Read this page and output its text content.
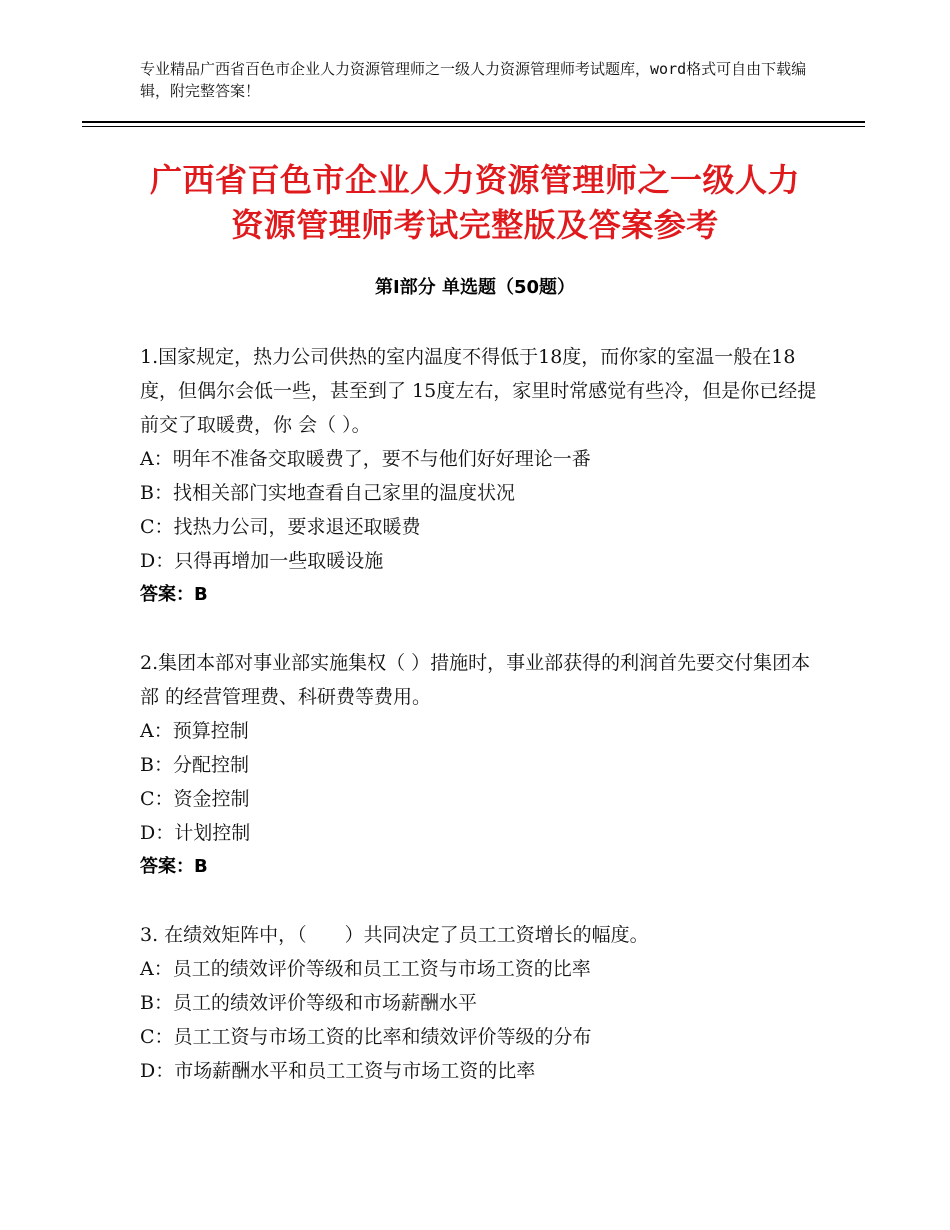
专业精品广西省百色市企业人力资源管理师之一级人力资源管理师考试题库，word格式可自由下载编辑，附完整答案！
广西省百色市企业人力资源管理师之一级人力资源管理师考试完整版及答案参考
第Ⅰ部分 单选题（50题）

1.国家规定，热力公司供热的室内温度不得低于18度，而你家的室温一般在18度，但偶尔会低一些，甚至到了 15度左右，家里时常感觉有些冷，但是你已经提前交了取暖费，你 会（ ）。

A：明年不准备交取暖费了，要不与他们好好理论一番

B：找相关部门实地查看自己家里的温度状况

C：找热力公司，要求退还取暖费

D：只得再增加一些取暖设施

答案：B

2.集团本部对事业部实施集权（ ）措施时，事业部获得的利润首先要交付集团本部 的经营管理费、科研费等费用。

A：预算控制

B：分配控制

C：资金控制

D：计划控制

答案：B

3. 在绩效矩阵中，（　　）共同决定了员工工资增长的幅度。

A：员工的绩效评价等级和员工工资与市场工资的比率

B：员工的绩效评价等级和市场薪酬水平

C：员工工资与市场工资的比率和绩效评价等级的分布

D：市场薪酬水平和员工工资与市场工资的比率
